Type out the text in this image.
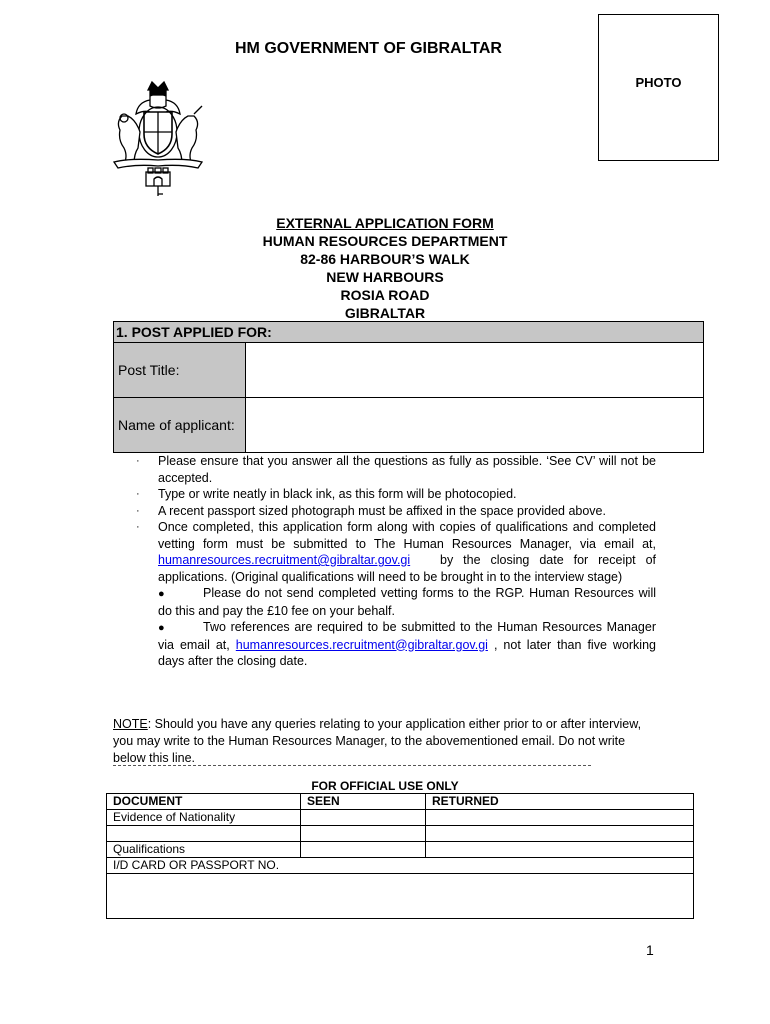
HM GOVERNMENT OF GIBRALTAR
PHOTO
EXTERNAL APPLICATION FORM
HUMAN RESOURCES DEPARTMENT
82-86 HARBOUR’S WALK
NEW HARBOURS
ROSIA ROAD
GIBRALTAR
1. POST APPLIED FOR:
Post Title:
Name of applicant:
· Please ensure that you answer all the questions as fully as possible. ‘See CV’ will not be accepted.
· Type or write neatly in black ink, as this form will be photocopied.
· A recent passport sized photograph must be affixed in the space provided above.
· Once completed, this application form along with copies of qualifications and completed vetting form must be submitted to The Human Resources Manager, via email at, humanresources.recruitment@gibraltar.gov.gi by the closing date for receipt of applications. (Original qualifications will need to be brought in to the interview stage)
●	Please do not send completed vetting forms to the RGP. Human Resources will do this and pay the £10 fee on your behalf.
●	Two references are required to be submitted to the Human Resources Manager via email at, humanresources.recruitment@gibraltar.gov.gi , not later than five working days after the closing date.
NOTE: Should you have any queries relating to your application either prior to or after interview, you may write to the Human Resources Manager, to the abovementioned email. Do not write below this line.
FOR OFFICIAL USE ONLY
DOCUMENT	SEEN	RETURNED
Evidence of Nationality		

Qualifications		
I/D CARD OR PASSPORT NO.		

1
